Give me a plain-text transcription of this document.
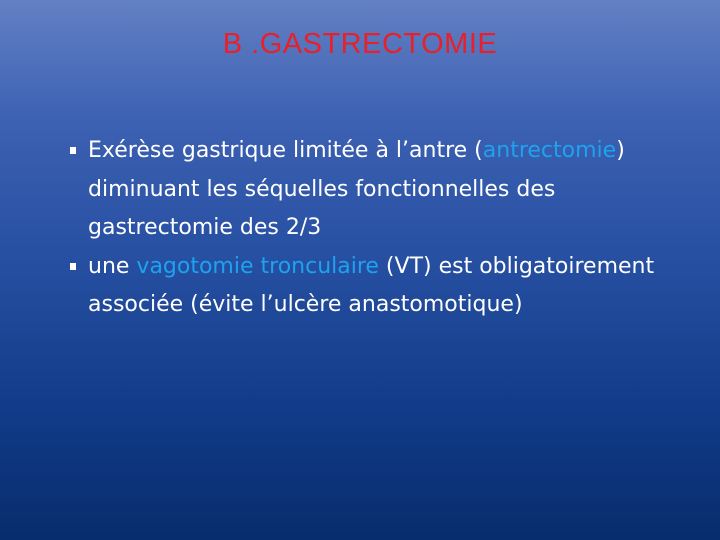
B .GASTRECTOMIE
Exérèse gastrique limitée à l’antre (antrectomie) diminuant les séquelles fonctionnelles des gastrectomie des 2/3
une vagotomie tronculaire (VT) est obligatoirement associée (évite l’ulcère anastomotique)
